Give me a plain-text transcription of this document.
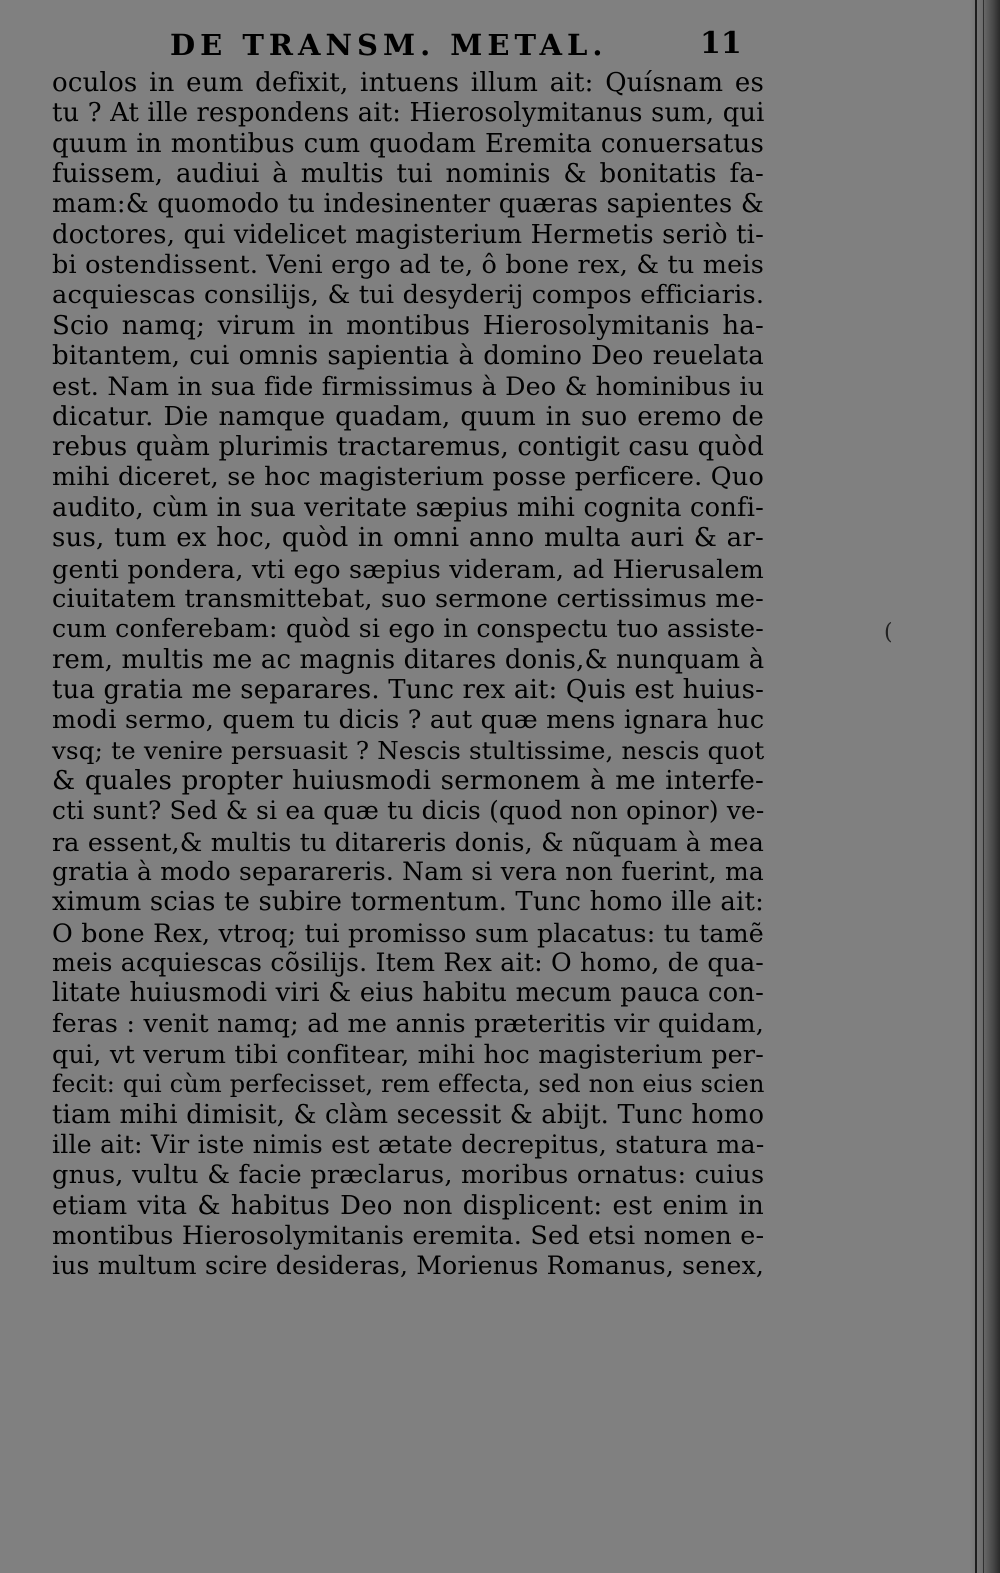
DE TRANSM. METAL.	11
oculos in eum defixit, intuens illum ait: Quísnam es
tu ? At ille respondens ait: Hierosolymitanus sum, qui
quum in montibus cum quodam Eremita conuersatus
fuissem, audiui à multis tui nominis & bonitatis fa-
mam:& quomodo tu indesinenter quæras sapientes &
doctores, qui videlicet magisterium Hermetis seriò ti-
bi ostendissent. Veni ergo ad te, ô bone rex, & tu meis
acquiescas consilijs, & tui desyderij compos efficiaris.
Scio namq; virum in montibus Hierosolymitanis ha-
bitantem, cui omnis sapientia à domino Deo reuelata
est. Nam in sua fide firmissimus à Deo & hominibus iu
dicatur. Die namque quadam, quum in suo eremo de
rebus quàm plurimis tractaremus, contigit casu quòd
mihi diceret, se hoc magisterium posse perficere. Quo
audito, cùm in sua veritate sæpius mihi cognita confi-
sus, tum ex hoc, quòd in omni anno multa auri & ar-
genti pondera, vti ego sæpius videram, ad Hierusalem
ciuitatem transmittebat, suo sermone certissimus me-
cum conferebam: quòd si ego in conspectu tuo assiste-
rem, multis me ac magnis ditares donis,& nunquam à
tua gratia me separares. Tunc rex ait: Quis est huius-
modi sermo, quem tu dicis ? aut quæ mens ignara huc
vsq; te venire persuasit ? Nescis stultissime, nescis quot
& quales propter huiusmodi sermonem à me interfe-
cti sunt? Sed & si ea quæ tu dicis (quod non opinor) ve-
ra essent,& multis tu ditareris donis, & nũquam à mea
gratia à modo separareris. Nam si vera non fuerint, ma
ximum scias te subire tormentum. Tunc homo ille ait:
O bone Rex, vtroq; tui promisso sum placatus: tu tamẽ
meis acquiescas cõsilijs. Item Rex ait: O homo, de qua-
litate huiusmodi viri & eius habitu mecum pauca con-
feras : venit namq; ad me annis præteritis vir quidam,
qui, vt verum tibi confitear, mihi hoc magisterium per-
fecit: qui cùm perfecisset, rem effecta, sed non eius scien
tiam mihi dimisit, & clàm secessit & abijt. Tunc homo
ille ait: Vir iste nimis est ætate decrepitus, statura ma-
gnus, vultu & facie præclarus, moribus ornatus: cuius
etiam vita & habitus Deo non displicent: est enim in
montibus Hierosolymitanis eremita. Sed etsi nomen e-
ius multum scire desideras, Morienus Romanus, senex,
(
